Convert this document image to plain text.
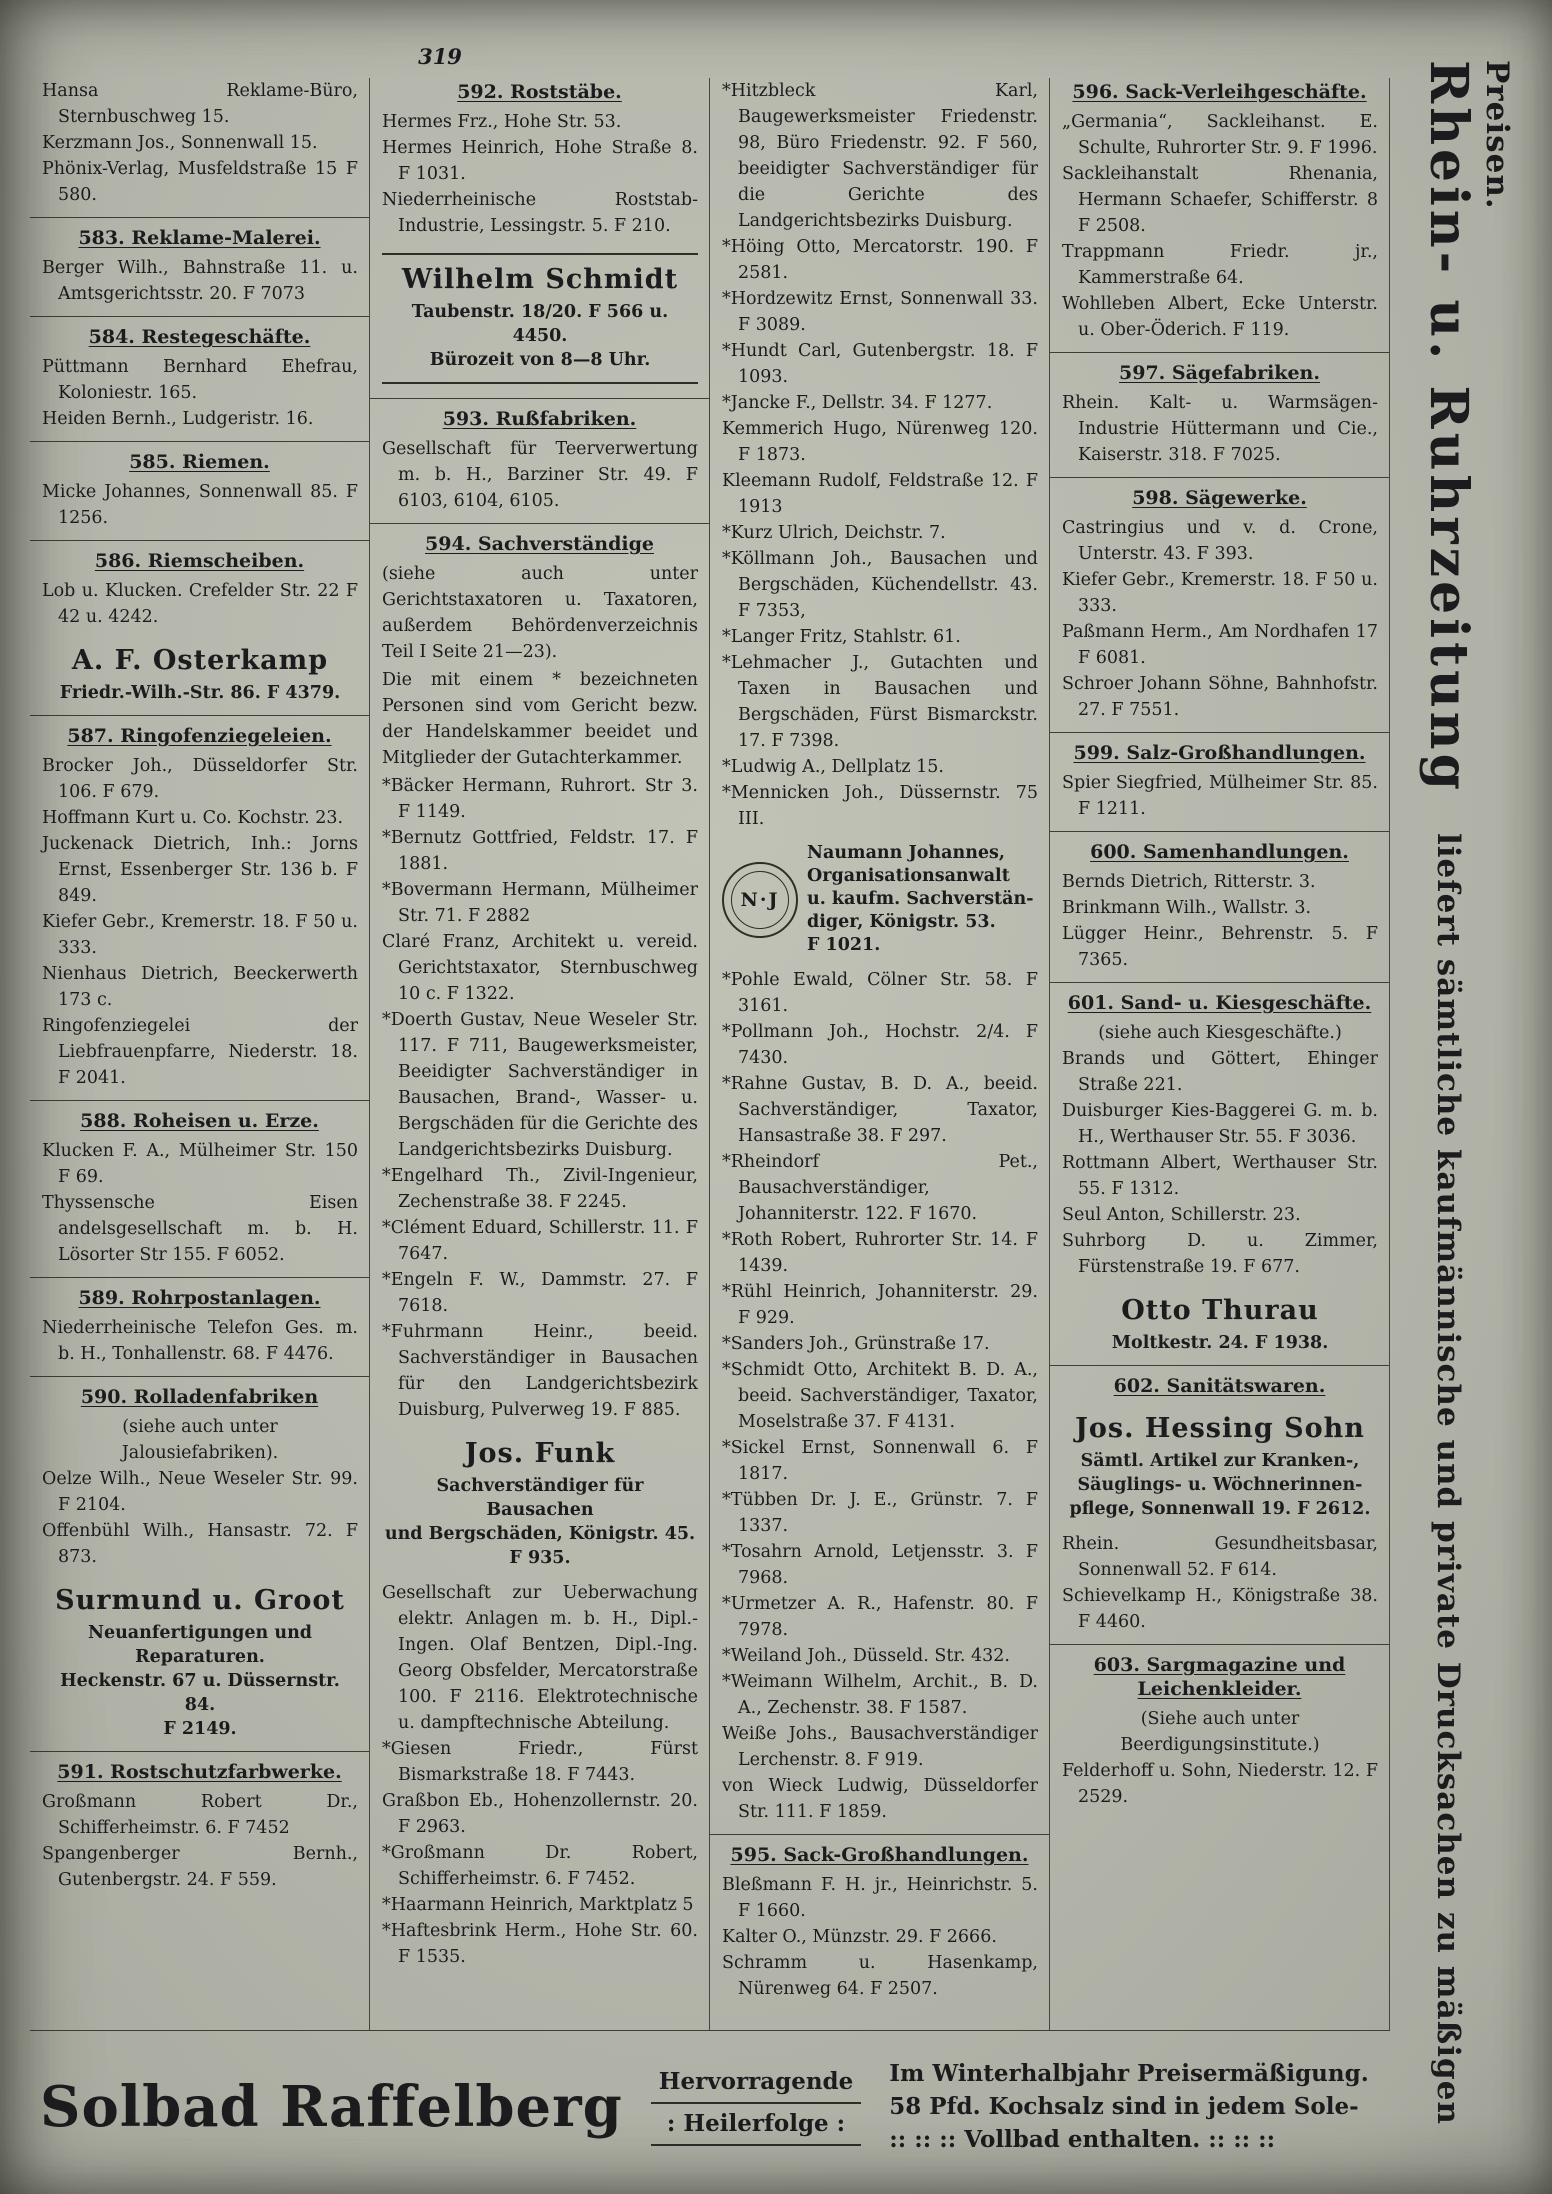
319

Hansa Reklame-Büro, Sternbuschweg 15.

Kerzmann Jos., Sonnenwall 15.

Phönix-Verlag, Musfeldstraße 15 F 580.

583. Reklame-Malerei.

Berger Wilh., Bahnstraße 11. u. Amtsgerichtsstr. 20. F 7073

584. Restegeschäfte.

Püttmann Bernhard Ehefrau, Koloniestr. 165.

Heiden Bernh., Ludgeristr. 16.

585. Riemen.

Micke Johannes, Sonnenwall 85. F 1256.

586. Riemscheiben.

Lob u. Klucken. Crefelder Str. 22 F 42 u. 4242.

A. F. Osterkamp
Friedr.-Wilh.-Str. 86. F 4379.
587. Ringofenziegeleien.

Brocker Joh., Düsseldorfer Str. 106. F 679.

Hoffmann Kurt u. Co. Kochstr. 23.

Juckenack Dietrich, Inh.: Jorns Ernst, Essenberger Str. 136 b. F 849.

Kiefer Gebr., Kremerstr. 18. F 50 u. 333.

Nienhaus Dietrich, Beeckerwerth 173 c.

Ringofenziegelei der Liebfrauenpfarre, Niederstr. 18. F 2041.

588. Roheisen u. Erze.

Klucken F. A., Mülheimer Str. 150 F 69.

Thyssensche Eisen andelsgesellschaft m. b. H. Lösorter Str 155. F 6052.

589. Rohrpostanlagen.

Niederrheinische Telefon Ges. m. b. H., Tonhallenstr. 68. F 4476.

590. Rolladenfabriken

(siehe auch unter Jalousiefabriken).

Oelze Wilh., Neue Weseler Str. 99. F 2104.

Offenbühl Wilh., Hansastr. 72. F 873.

Surmund u. Groot
Neuanfertigungen und
Reparaturen.
Heckenstr. 67 u. Düssernstr. 84.
F 2149.
591. Rostschutzfarbwerke.

Großmann Robert Dr., Schifferheimstr. 6. F 7452

Spangenberger Bernh., Gutenbergstr. 24. F 559.

592. Roststäbe.

Hermes Frz., Hohe Str. 53.

Hermes Heinrich, Hohe Straße 8. F 1031.

Niederrheinische Roststab-Industrie, Lessingstr. 5. F 210.

Wilhelm Schmidt
Taubenstr. 18/20. F 566 u. 4450.
Bürozeit von 8—8 Uhr.
593. Rußfabriken.

Gesellschaft für Teerverwertung m. b. H., Barziner Str. 49. F 6103, 6104, 6105.

594. Sachverständige

(siehe auch unter Gerichtstaxatoren u. Taxatoren, außerdem Behördenverzeichnis Teil I Seite 21—23).

Die mit einem * bezeichneten Personen sind vom Gericht bezw. der Handelskammer beeidet und Mitglieder der Gutachterkammer.

*Bäcker Hermann, Ruhrort. Str 3. F 1149.

*Bernutz Gottfried, Feldstr. 17. F 1881.

*Bovermann Hermann, Mülheimer Str. 71. F 2882

Claré Franz, Architekt u. vereid. Gerichtstaxator, Sternbuschweg 10 c. F 1322.

*Doerth Gustav, Neue Weseler Str. 117. F 711, Baugewerksmeister, Beeidigter Sachverständiger in Bausachen, Brand-, Wasser- u. Bergschäden für die Gerichte des Landgerichtsbezirks Duisburg.

*Engelhard Th., Zivil-Ingenieur, Zechenstraße 38. F 2245.

*Clément Eduard, Schillerstr. 11. F 7647.

*Engeln F. W., Dammstr. 27. F 7618.

*Fuhrmann Heinr., beeid. Sachverständiger in Bausachen für den Landgerichtsbezirk Duisburg, Pulverweg 19. F 885.

Jos. Funk
Sachverständiger für Bausachen
und Bergschäden, Königstr. 45.
F 935.

Gesellschaft zur Ueberwachung elektr. Anlagen m. b. H., Dipl.-Ingen. Olaf Bentzen, Dipl.-Ing. Georg Obsfelder, Mercatorstraße 100. F 2116. Elektrotechnische u. dampftechnische Abteilung.

*Giesen Friedr., Fürst Bismarkstraße 18. F 7443.

Graßbon Eb., Hohenzollernstr. 20. F 2963.

*Großmann Dr. Robert, Schifferheimstr. 6. F 7452.

*Haarmann Heinrich, Marktplatz 5

*Haftesbrink Herm., Hohe Str. 60. F 1535.

*Hitzbleck Karl, Baugewerksmeister Friedenstr. 98, Büro Friedenstr. 92. F 560, beeidigter Sachverständiger für die Gerichte des Landgerichtsbezirks Duisburg.

*Höing Otto, Mercatorstr. 190. F 2581.

*Hordzewitz Ernst, Sonnenwall 33. F 3089.

*Hundt Carl, Gutenbergstr. 18. F 1093.

*Jancke F., Dellstr. 34. F 1277.

Kemmerich Hugo, Nürenweg 120. F 1873.

Kleemann Rudolf, Feldstraße 12. F 1913

*Kurz Ulrich, Deichstr. 7.

*Köllmann Joh., Bausachen und Bergschäden, Küchendellstr. 43. F 7353,

*Langer Fritz, Stahlstr. 61.

*Lehmacher J., Gutachten und Taxen in Bausachen und Bergschäden, Fürst Bismarckstr. 17. F 7398.

*Ludwig A., Dellplatz 15.

*Mennicken Joh., Düssernstr. 75 III.

N·J
Naumann Johannes,
Organisationsanwalt
u. kaufm. Sachverstän-
diger, Königstr. 53.
F 1021.

*Pohle Ewald, Cölner Str. 58. F 3161.

*Pollmann Joh., Hochstr. 2/4. F 7430.

*Rahne Gustav, B. D. A., beeid. Sachverständiger, Taxator, Hansastraße 38. F 297.

*Rheindorf Pet., Bausachverständiger, Johanniterstr. 122. F 1670.

*Roth Robert, Ruhrorter Str. 14. F 1439.

*Rühl Heinrich, Johanniterstr. 29. F 929.

*Sanders Joh., Grünstraße 17.

*Schmidt Otto, Architekt B. D. A., beeid. Sachverständiger, Taxator, Moselstraße 37. F 4131.

*Sickel Ernst, Sonnenwall 6. F 1817.

*Tübben Dr. J. E., Grünstr. 7. F 1337.

*Tosahrn Arnold, Letjensstr. 3. F 7968.

*Urmetzer A. R., Hafenstr. 80. F 7978.

*Weiland Joh., Düsseld. Str. 432.

*Weimann Wilhelm, Archit., B. D. A., Zechenstr. 38. F 1587.

Weiße Johs., Bausachverständiger Lerchenstr. 8. F 919.

von Wieck Ludwig, Düsseldorfer Str. 111. F 1859.

595. Sack-Großhandlungen.

Bleßmann F. H. jr., Heinrichstr. 5. F 1660.

Kalter O., Münzstr. 29. F 2666.

Schramm u. Hasenkamp, Nürenweg 64. F 2507.

596. Sack-Verleihgeschäfte.

„Germania“, Sackleihanst. E. Schulte, Ruhrorter Str. 9. F 1996.

Sackleihanstalt Rhenania, Hermann Schaefer, Schifferstr. 8 F 2508.

Trappmann Friedr. jr., Kammerstraße 64.

Wohlleben Albert, Ecke Unterstr. u. Ober-Öderich. F 119.

597. Sägefabriken.

Rhein. Kalt- u. Warmsägen-Industrie Hüttermann und Cie., Kaiserstr. 318. F 7025.

598. Sägewerke.

Castringius und v. d. Crone, Unterstr. 43. F 393.

Kiefer Gebr., Kremerstr. 18. F 50 u. 333.

Paßmann Herm., Am Nordhafen 17 F 6081.

Schroer Johann Söhne, Bahnhofstr. 27. F 7551.

599. Salz-Großhandlungen.

Spier Siegfried, Mülheimer Str. 85. F 1211.

600. Samenhandlungen.

Bernds Dietrich, Ritterstr. 3.

Brinkmann Wilh., Wallstr. 3.

Lügger Heinr., Behrenstr. 5. F 7365.

601. Sand- u. Kiesgeschäfte.

(siehe auch Kiesgeschäfte.)

Brands und Göttert, Ehinger Straße 221.

Duisburger Kies-Baggerei G. m. b. H., Werthauser Str. 55. F 3036.

Rottmann Albert, Werthauser Str. 55. F 1312.

Seul Anton, Schillerstr. 23.

Suhrborg D. u. Zimmer, Fürstenstraße 19. F 677.

Otto Thurau
Moltkestr. 24. F 1938.
602. Sanitätswaren.
Jos. Hessing Sohn
Sämtl. Artikel zur Kranken-,
Säuglings- u. Wöchnerinnen-
pflege, Sonnenwall 19. F 2612.

Rhein. Gesundheitsbasar, Sonnenwall 52. F 614.

Schievelkamp H., Königstraße 38. F 4460.

603. Sargmagazine und Leichenkleider.

(Siehe auch unter Beerdigungsinstitute.)

Felderhoff u. Sohn, Niederstr. 12. F 2529.

Solbad Raffelberg	Hervorragende
: Heilerfolge :
Im Winterhalbjahr Preisermäßigung.
58 Pfd. Kochsalz sind in jedem Sole-
:: :: :: Vollbad enthalten. :: :: ::
Rhein- u. Ruhrzeitung liefert sämtliche kaufmännische und private Drucksachen zu mäßigen Preisen.
